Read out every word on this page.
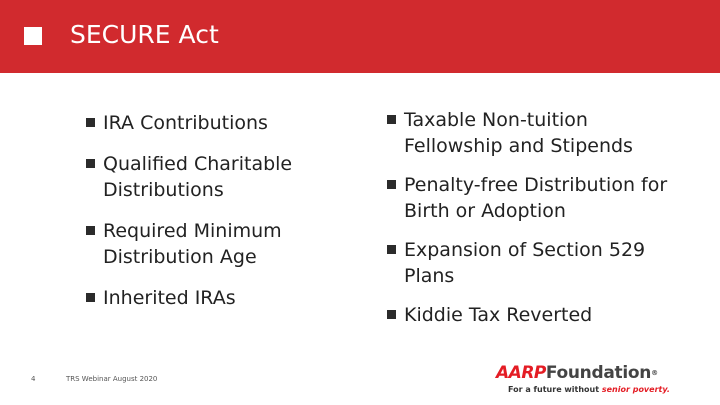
SECURE Act
IRA Contributions
Qualified Charitable Distributions
Required Minimum Distribution Age
Inherited IRAs
Taxable Non-tuition Fellowship and Stipends
Penalty-free Distribution for Birth or Adoption
Expansion of Section 529 Plans
Kiddie Tax Reverted
4	TRS Webinar August 2020	AARPFoundation®
For a future without senior poverty.
